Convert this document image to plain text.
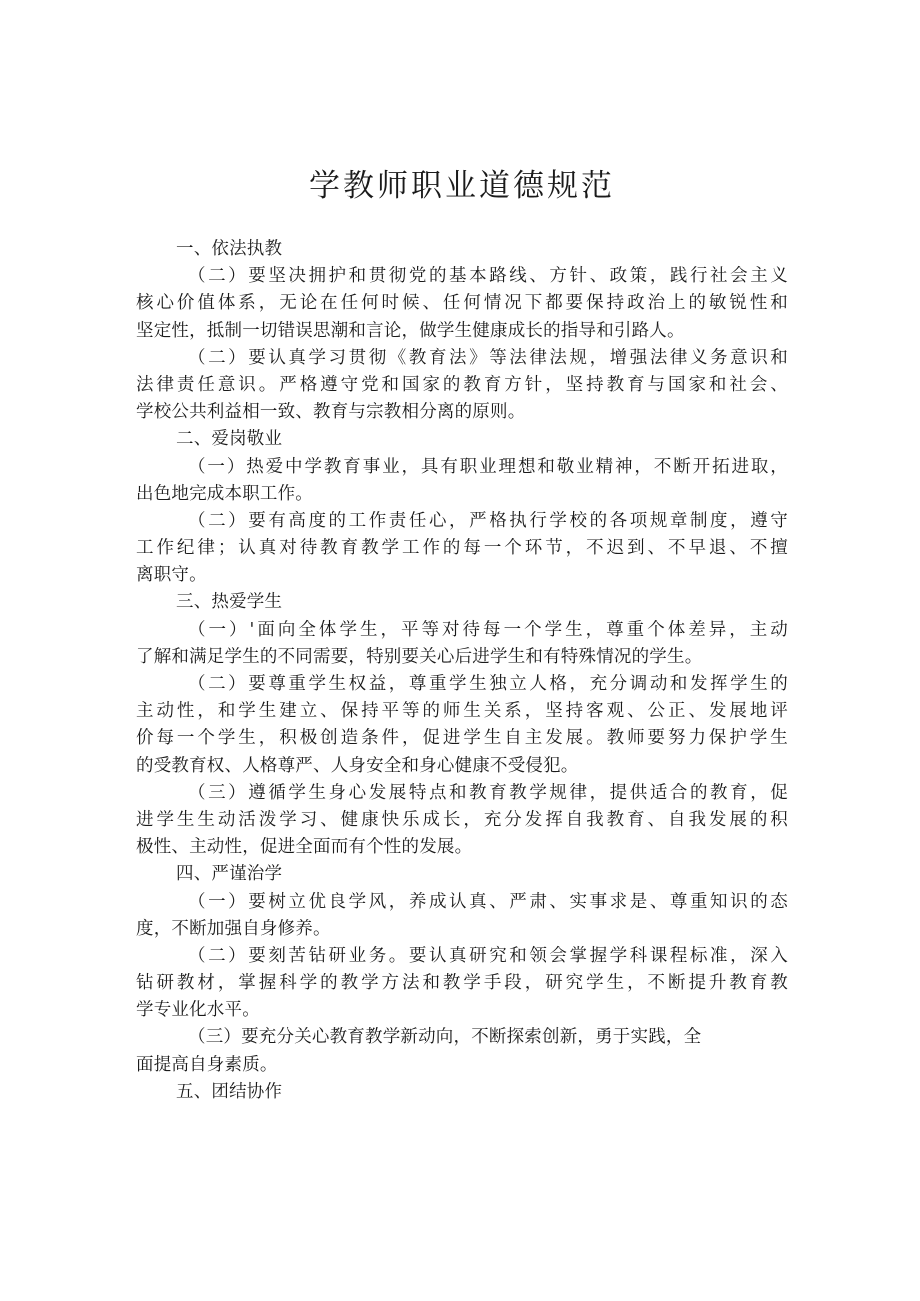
学教师职业道德规范
一、依法执教
（二）要坚决拥护和贯彻党的基本路线、方针、政策，践行社会主义
核心价值体系，无论在任何时候、任何情况下都要保持政治上的敏锐性和
坚定性，抵制一切错误思潮和言论，做学生健康成长的指导和引路人。
（二）要认真学习贯彻《教育法》等法律法规，增强法律义务意识和
法律责任意识。严格遵守党和国家的教育方针，坚持教育与国家和社会、
学校公共利益相一致、教育与宗教相分离的原则。
二、爱岗敬业
（一）热爱中学教育事业，具有职业理想和敬业精神，不断开拓进取，
出色地完成本职工作。
（二）要有高度的工作责任心，严格执行学校的各项规章制度，遵守
工作纪律；认真对待教育教学工作的每一个环节，不迟到、不早退、不擅
离职守。
三、热爱学生
（一）'面向全体学生，平等对待每一个学生，尊重个体差异，主动
了解和满足学生的不同需要，特别要关心后进学生和有特殊情况的学生。
（二）要尊重学生权益，尊重学生独立人格，充分调动和发挥学生的
主动性，和学生建立、保持平等的师生关系，坚持客观、公正、发展地评
价每一个学生，积极创造条件，促进学生自主发展。教师要努力保护学生
的受教育权、人格尊严、人身安全和身心健康不受侵犯。
（三）遵循学生身心发展特点和教育教学规律，提供适合的教育，促
进学生生动活泼学习、健康快乐成长，充分发挥自我教育、自我发展的积
极性、主动性，促进全面而有个性的发展。
四、严谨治学
（一）要树立优良学风，养成认真、严肃、实事求是、尊重知识的态
度，不断加强自身修养。
（二）要刻苦钻研业务。要认真研究和领会掌握学科课程标准，深入
钻研教材，掌握科学的教学方法和教学手段，研究学生，不断提升教育教
学专业化水平。
（三）要充分关心教育教学新动向，不断探索创新，勇于实践，全
面提高自身素质。
五、团结协作
